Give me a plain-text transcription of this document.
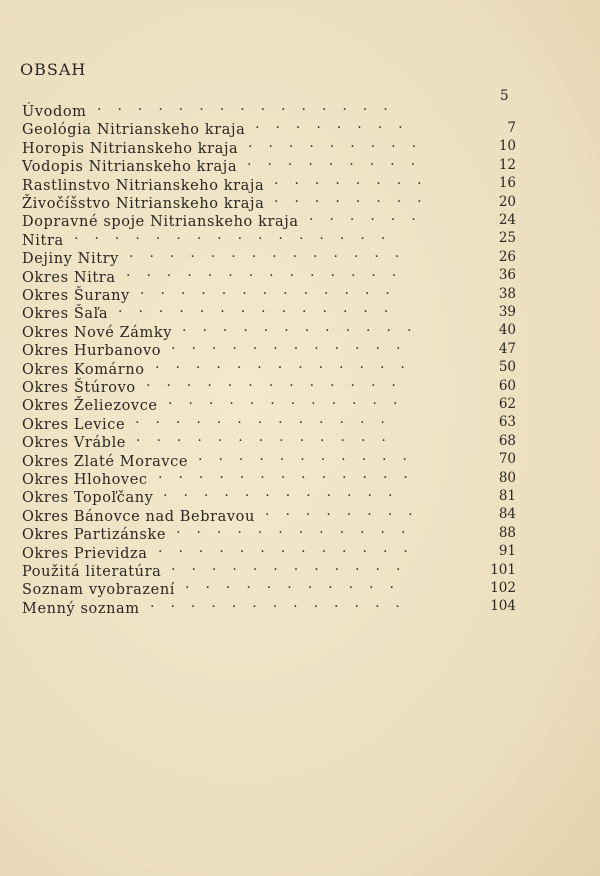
OBSAH
5
Úvodom ...............
7
Geológia Nitrianskeho kraja ........
10
Horopis Nitrianskeho kraja .........
12
Vodopis Nitrianskeho kraja .........
16
Rastlinstvo Nitrianskeho kraja ........
20
Živočíšstvo Nitrianskeho kraja ........
24
Dopravné spoje Nitrianskeho kraja ......
25
Nitra ................
26
Dejiny Nitry ..............
36
Okres Nitra ..............
38
Okres Šurany .............
39
Okres Šaľa ..............
40
Okres Nové Zámky ............
47
Okres Hurbanovo ............
50
Okres Komárno .............
60
Okres Štúrovo .............
62
Okres Želiezovce ............
63
Okres Levice .............
68
Okres Vráble .............
70
Okres Zlaté Moravce ...........
80
Okres Hlohovec .............
81
Okres Topoľčany ............
84
Okres Bánovce nad Bebravou ........
88
Okres Partizánske ............
91
Okres Prievidza .............
101
Použitá literatúra ............
102
Soznam vyobrazení ...........
104
Menný soznam .............
